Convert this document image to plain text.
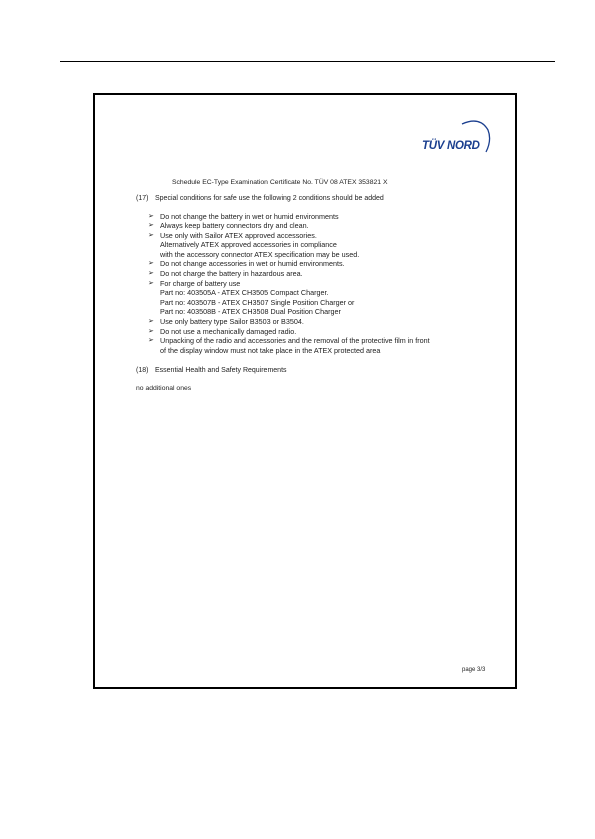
TÜV NORD
Schedule EC-Type Examination Certificate No. TÜV 08 ATEX 353821 X
(17) Special conditions for safe use the following 2 conditions should be added
➢ Do not change the battery in wet or humid environments
➢ Always keep battery connectors dry and clean.
➢ Use only with Sailor ATEX approved accessories.
Alternatively ATEX approved accessories in compliance
with the accessory connector ATEX specification may be used.
➢ Do not change accessories in wet or humid environments.
➢ Do not charge the battery in hazardous area.
➢ For charge of battery use
Part no: 403505A - ATEX CH3505 Compact Charger.
Part no: 403507B - ATEX CH3507 Single Position Charger or
Part no: 403508B - ATEX CH3508 Dual Position Charger
➢ Use only battery type Sailor B3503 or B3504.
➢ Do not use a mechanically damaged radio.
➢ Unpacking of the radio and accessories and the removal of the protective film in front
of the display window must not take place in the ATEX protected area
(18) Essential Health and Safety Requirements
no additional ones
page 3/3
